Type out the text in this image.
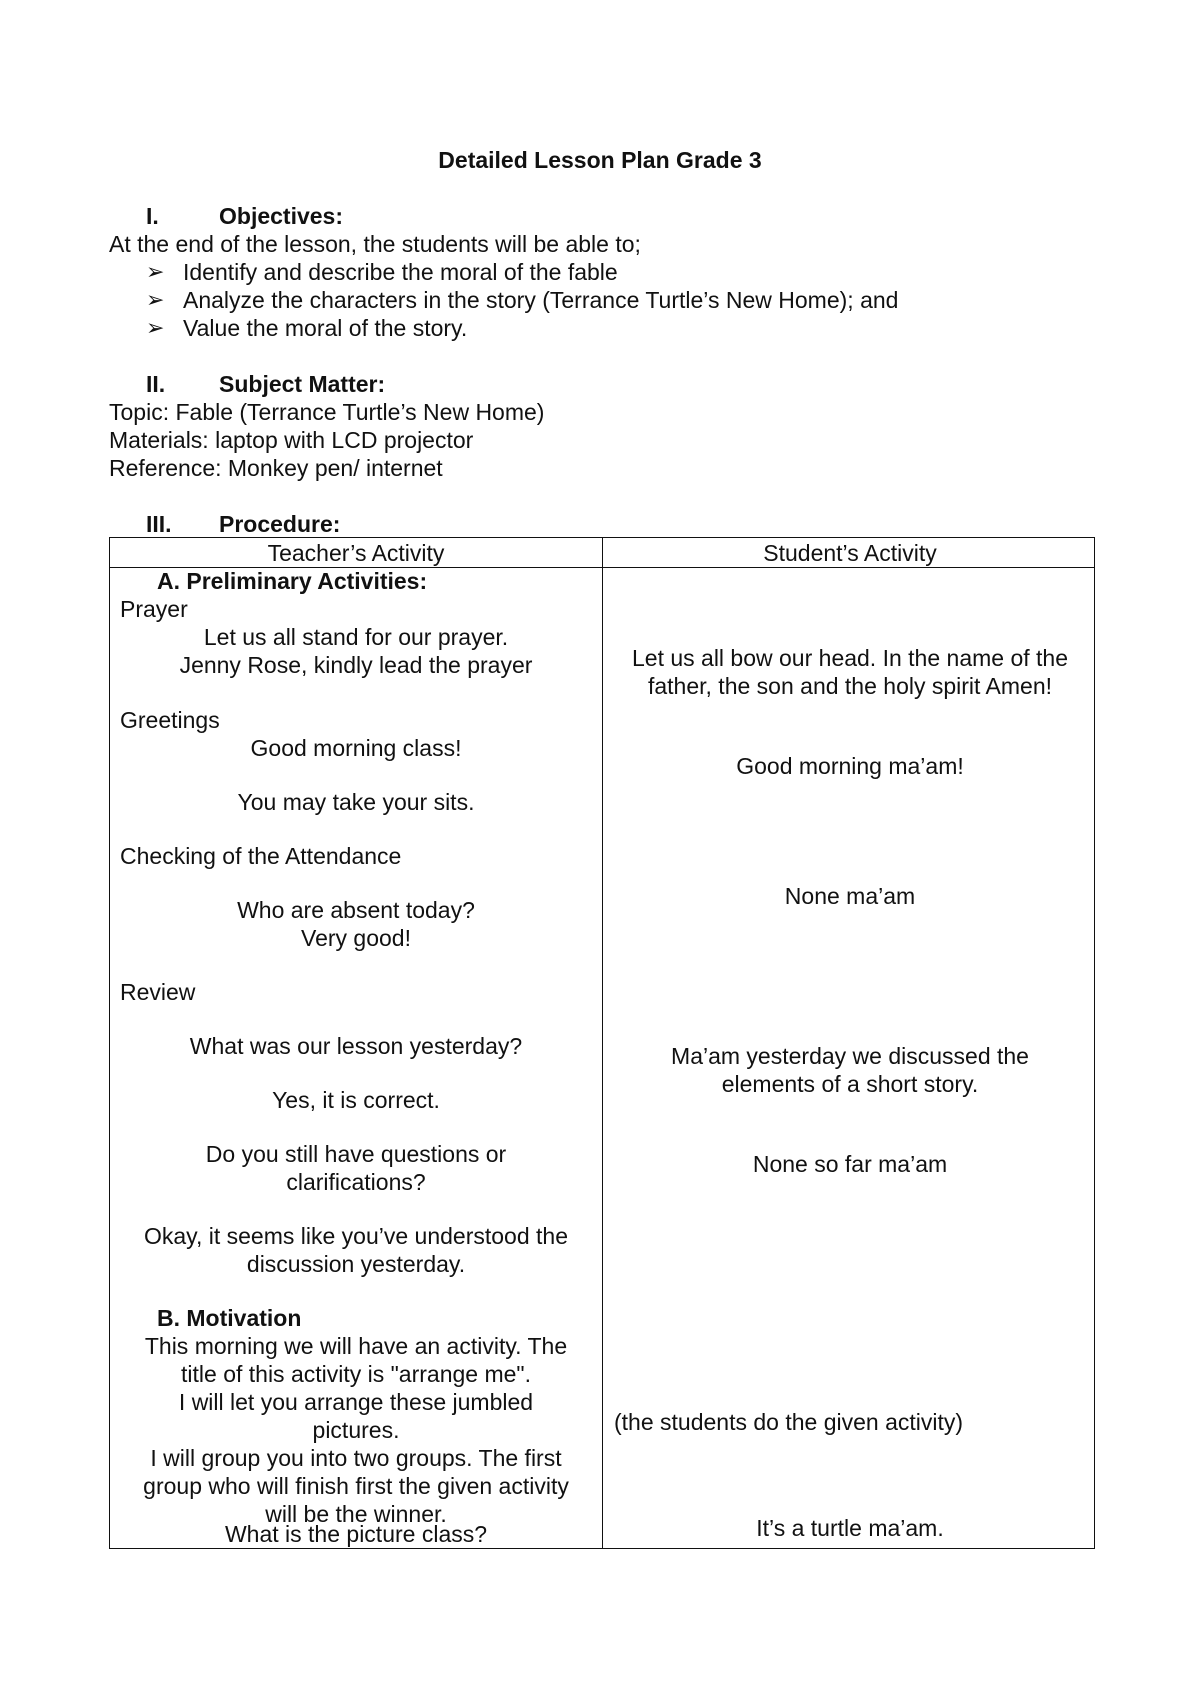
Detailed Lesson Plan Grade 3
I.	Objectives:
At the end of the lesson, the students will be able to;
➢ Identify and describe the moral of the fable
➢ Analyze the characters in the story (Terrance Turtle’s New Home); and
➢ Value the moral of the story.
II. Subject Matter:
Topic: Fable (Terrance Turtle’s New Home)
Materials: laptop with LCD projector
Reference: Monkey pen/ internet
III. Procedure:
Teacher’s Activity	Student’s Activity
A. Preliminary Activities:
Prayer
Let us all stand for our prayer.
Jenny Rose, kindly lead the prayer
Greetings
Good morning class!
You may take your sits.
Checking of the Attendance
Who are absent today?
Very good!
Review
What was our lesson yesterday?
Yes, it is correct.
Do you still have questions or
clarifications?
Okay, it seems like you’ve understood the
discussion yesterday.
B. Motivation
This morning we will have an activity. The
title of this activity is "arrange me".
I will let you arrange these jumbled
pictures.
I will group you into two groups. The first
group who will finish first the given activity
will be the winner.
What is the picture class?
Let us all bow our head. In the name of the
father, the son and the holy spirit Amen!
Good morning ma’am!
None ma’am
Ma’am yesterday we discussed the
elements of a short story.
None so far ma’am
(the students do the given activity)
It’s a turtle ma’am.
